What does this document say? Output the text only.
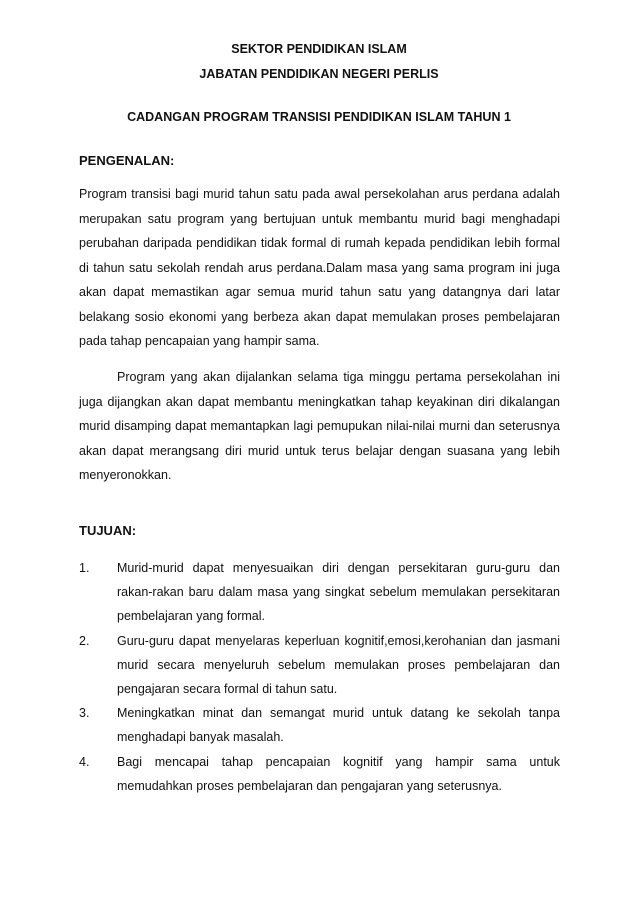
SEKTOR PENDIDIKAN ISLAM
JABATAN PENDIDIKAN NEGERI PERLIS
CADANGAN PROGRAM TRANSISI PENDIDIKAN ISLAM TAHUN 1
PENGENALAN:

Program transisi bagi murid tahun satu pada awal persekolahan arus perdana adalah merupakan satu program yang bertujuan untuk membantu murid bagi menghadapi perubahan daripada pendidikan tidak formal di rumah kepada pendidikan lebih formal di tahun satu sekolah rendah arus perdana.Dalam masa yang sama program ini juga akan dapat memastikan agar semua murid tahun satu yang datangnya dari latar belakang sosio ekonomi yang berbeza akan dapat memulakan proses pembelajaran pada tahap pencapaian yang hampir sama.

Program yang akan dijalankan selama tiga minggu pertama persekolahan ini juga dijangkan akan dapat membantu meningkatkan tahap keyakinan diri dikalangan murid disamping dapat memantapkan lagi pemupukan nilai-nilai murni dan seterusnya akan dapat merangsang diri murid untuk terus belajar dengan suasana yang lebih menyeronokkan.

TUJUAN:
1. Murid-murid dapat menyesuaikan diri dengan persekitaran guru-guru dan rakan-rakan baru dalam masa yang singkat sebelum memulakan persekitaran pembelajaran yang formal.
2. Guru-guru dapat menyelaras keperluan kognitif,emosi,kerohanian dan jasmani murid secara menyeluruh sebelum memulakan proses pembelajaran dan pengajaran secara formal di tahun satu.
3. Meningkatkan minat dan semangat murid untuk datang ke sekolah tanpa menghadapi banyak masalah.
4. Bagi mencapai tahap pencapaian kognitif yang hampir sama untuk memudahkan proses pembelajaran dan pengajaran yang seterusnya.
